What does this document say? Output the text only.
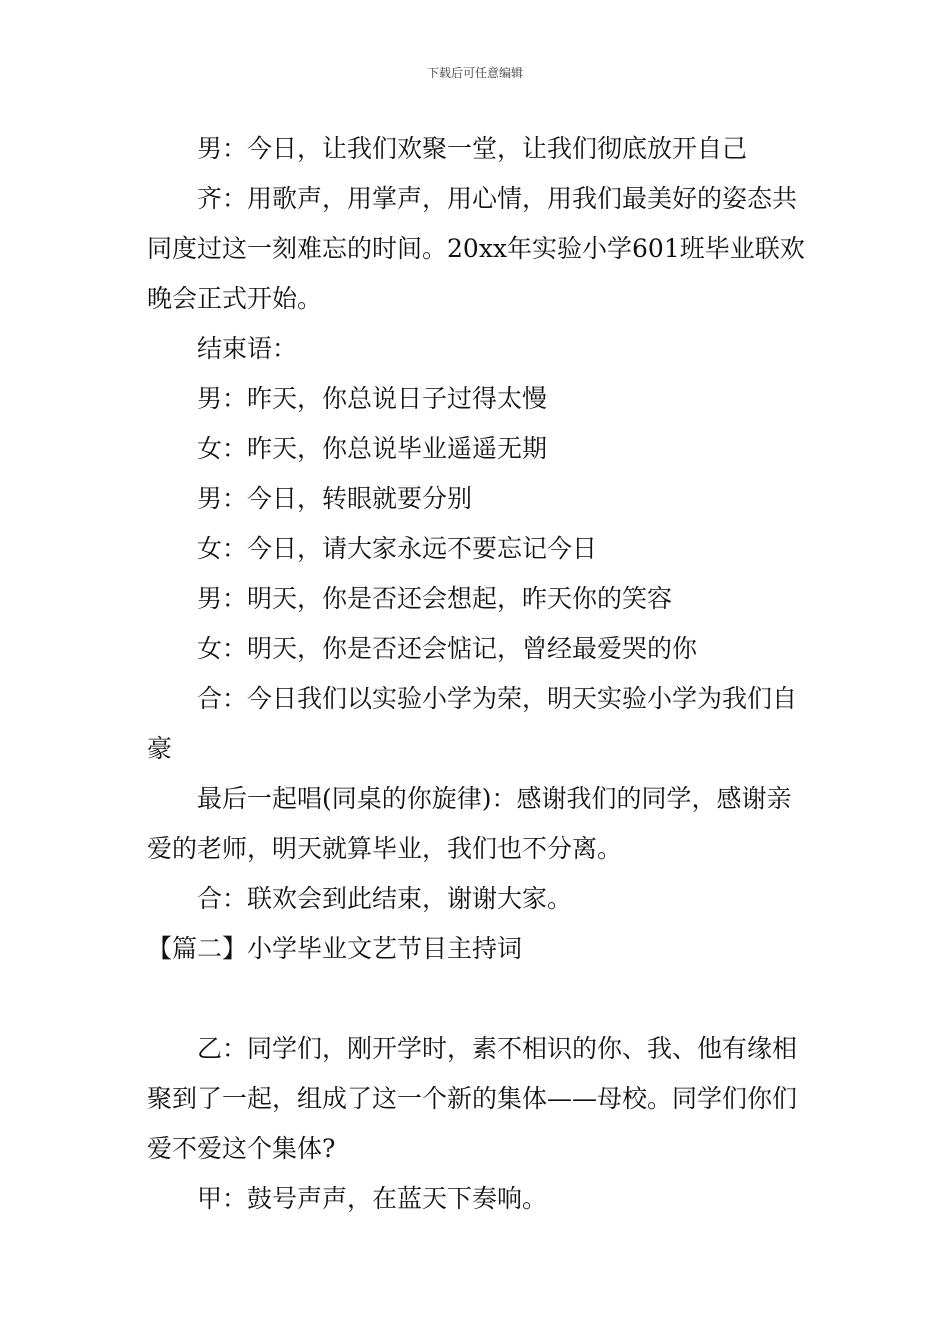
下载后可任意编辑

男：今日，让我们欢聚一堂，让我们彻底放开自己

齐：用歌声，用掌声，用心情，用我们最美好的姿态共同度过这一刻难忘的时间。20xx年实验小学601班毕业联欢晚会正式开始。

结束语：

男：昨天，你总说日子过得太慢

女：昨天，你总说毕业遥遥无期

男：今日，转眼就要分别

女：今日，请大家永远不要忘记今日

男：明天，你是否还会想起，昨天你的笑容

女：明天，你是否还会惦记，曾经最爱哭的你

合：今日我们以实验小学为荣，明天实验小学为我们自豪

最后一起唱(同桌的你旋律)：感谢我们的同学，感谢亲爱的老师，明天就算毕业，我们也不分离。

合：联欢会到此结束，谢谢大家。

【篇二】小学毕业文艺节目主持词

乙：同学们，刚开学时，素不相识的你、我、他有缘相聚到了一起，组成了这一个新的集体——母校。同学们你们爱不爱这个集体?

甲：鼓号声声，在蓝天下奏响。
